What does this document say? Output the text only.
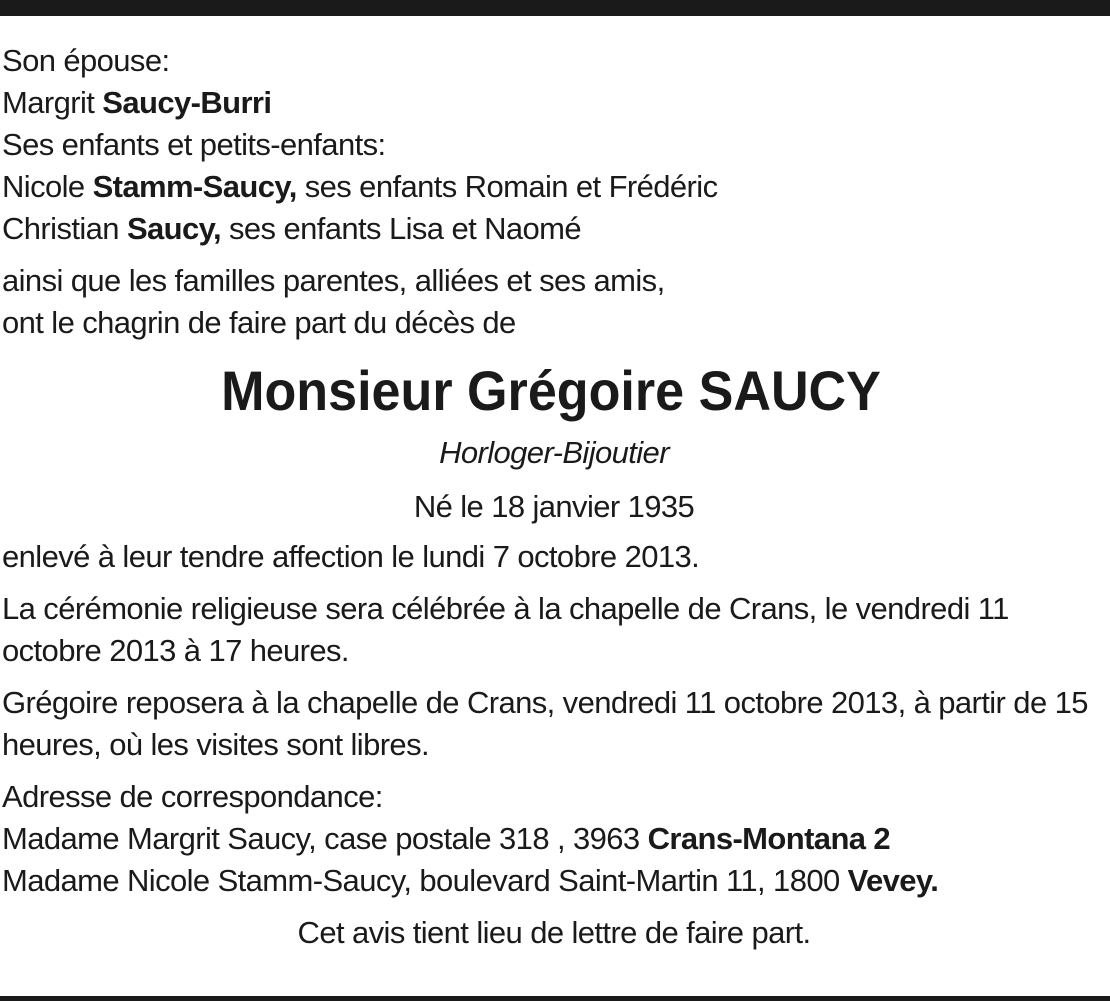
Son épouse:

Margrit Saucy-Burri

Ses enfants et petits-enfants:

Nicole Stamm-Saucy, ses enfants Romain et Frédéric

Christian Saucy, ses enfants Lisa et Naomé

ainsi que les familles parentes, alliées et ses amis,

ont le chagrin de faire part du décès de

Monsieur Grégoire SAUCY

Horloger-Bijoutier

Né le 18 janvier 1935

enlevé à leur tendre affection le lundi 7 octobre 2013.

La cérémonie religieuse sera célébrée à la chapelle de Crans, le vendredi 11 octobre 2013 à 17 heures.

Grégoire reposera à la chapelle de Crans, vendredi 11 octobre 2013, à partir de 15 heures, où les visites sont libres.

Adresse de correspondance:

Madame Margrit Saucy, case postale 318 , 3963 Crans-Montana 2

Madame Nicole Stamm-Saucy, boulevard Saint-Martin 11, 1800 Vevey.

Cet avis tient lieu de lettre de faire part.
